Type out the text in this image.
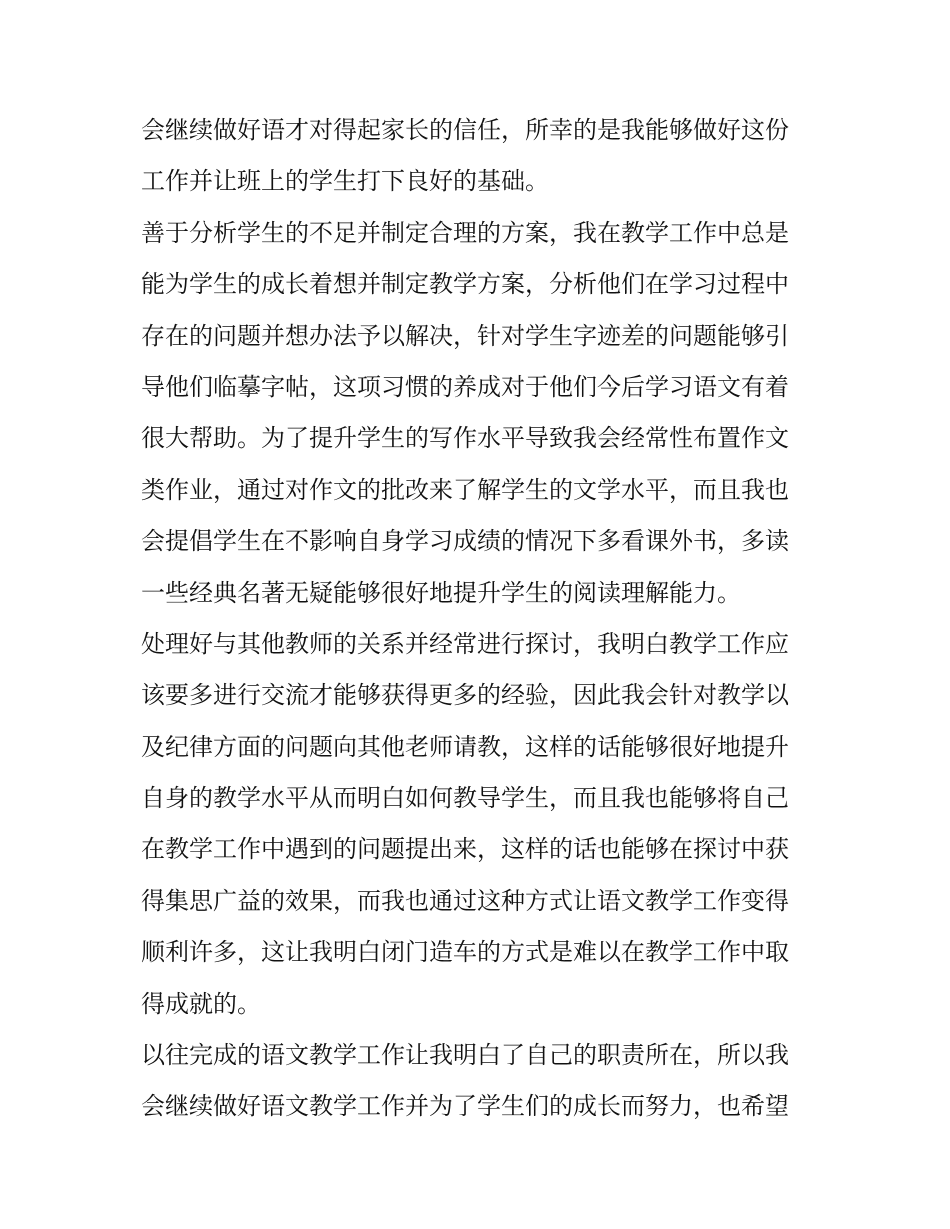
会继续做好语才对得起家长的信任，所幸的是我能够做好这份
工作并让班上的学生打下良好的基础。
善于分析学生的不足并制定合理的方案，我在教学工作中总是
能为学生的成长着想并制定教学方案，分析他们在学习过程中
存在的问题并想办法予以解决，针对学生字迹差的问题能够引
导他们临摹字帖，这项习惯的养成对于他们今后学习语文有着
很大帮助。为了提升学生的写作水平导致我会经常性布置作文
类作业，通过对作文的批改来了解学生的文学水平，而且我也
会提倡学生在不影响自身学习成绩的情况下多看课外书，多读
一些经典名著无疑能够很好地提升学生的阅读理解能力。
处理好与其他教师的关系并经常进行探讨，我明白教学工作应
该要多进行交流才能够获得更多的经验，因此我会针对教学以
及纪律方面的问题向其他老师请教，这样的话能够很好地提升
自身的教学水平从而明白如何教导学生，而且我也能够将自己
在教学工作中遇到的问题提出来，这样的话也能够在探讨中获
得集思广益的效果，而我也通过这种方式让语文教学工作变得
顺利许多，这让我明白闭门造车的方式是难以在教学工作中取
得成就的。
以往完成的语文教学工作让我明白了自己的职责所在，所以我
会继续做好语文教学工作并为了学生们的成长而努力，也希望
